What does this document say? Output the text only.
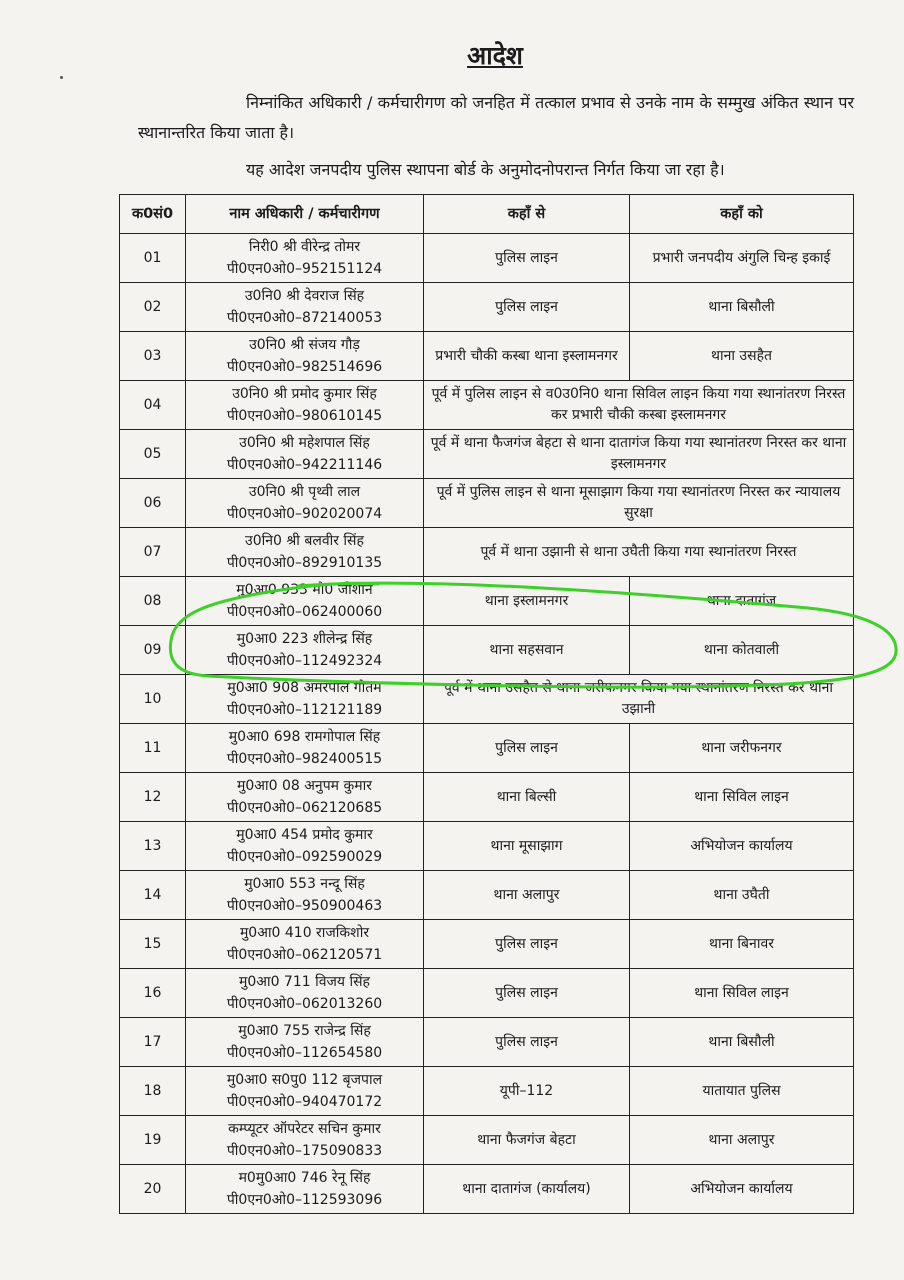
आदेश
निम्नांकित अधिकारी / कर्मचारीगण को जनहित में तत्काल प्रभाव से उनके नाम के सम्मुख अंकित स्थान पर स्थानान्तरित किया जाता है।
यह आदेश जनपदीय पुलिस स्थापना बोर्ड के अनुमोदनोपरान्त निर्गत किया जा रहा है।
क0सं0	नाम अधिकारी / कर्मचारीगण	कहाँ से	कहाँ को
01	निरी0 श्री वीरेन्द्र तोमर
पी0एन0ओ0–952151124	पुलिस लाइन	प्रभारी जनपदीय अंगुलि चिन्ह इकाई
02	उ0नि0 श्री देवराज सिंह
पी0एन0ओ0–872140053	पुलिस लाइन	थाना बिसौली
03	उ0नि0 श्री संजय गौड़
पी0एन0ओ0–982514696	प्रभारी चौकी कस्बा थाना इस्लामनगर	थाना उसहैत
04	उ0नि0 श्री प्रमोद कुमार सिंह
पी0एन0ओ0–980610145	पूर्व में पुलिस लाइन से व0उ0नि0 थाना सिविल लाइन किया गया स्थानांतरण निरस्त कर प्रभारी चौकी कस्बा इस्लामनगर	
05	उ0नि0 श्री महेशपाल सिंह
पी0एन0ओ0–942211146	पूर्व में थाना फैजगंज बेहटा से थाना दातागंज किया गया स्थानांतरण निरस्त कर थाना इस्लामनगर	
06	उ0नि0 श्री पृथ्वी लाल
पी0एन0ओ0–902020074	पूर्व में पुलिस लाइन से थाना मूसाझाग किया गया स्थानांतरण निरस्त कर न्यायालय सुरक्षा	
07	उ0नि0 श्री बलवीर सिंह
पी0एन0ओ0–892910135	पूर्व में थाना उझानी से थाना उघैती किया गया स्थानांतरण निरस्त	
08	मु0आ0 933 मौ0 जीशान
पी0एन0ओ0–062400060	थाना इस्लामनगर	थाना दातागंज
09	मु0आ0 223 शीलेन्द्र सिंह
पी0एन0ओ0–112492324	थाना सहसवान	थाना कोतवाली
10	मु0आ0 908 अमरपाल गौतम
पी0एन0ओ0–112121189	पूर्व में थाना उसहैत से थाना जरीफनगर किया गया स्थानांतरण निरस्त कर थाना उझानी	
11	मु0आ0 698 रामगोपाल सिंह
पी0एन0ओ0–982400515	पुलिस लाइन	थाना जरीफनगर
12	मु0आ0 08 अनुपम कुमार
पी0एन0ओ0–062120685	थाना बिल्सी	थाना सिविल लाइन
13	मु0आ0 454 प्रमोद कुमार
पी0एन0ओ0–092590029	थाना मूसाझाग	अभियोजन कार्यालय
14	मु0आ0 553 नन्दू सिंह
पी0एन0ओ0–950900463	थाना अलापुर	थाना उघैती
15	मु0आ0 410 राजकिशोर
पी0एन0ओ0–062120571	पुलिस लाइन	थाना बिनावर
16	मु0आ0 711 विजय सिंह
पी0एन0ओ0–062013260	पुलिस लाइन	थाना सिविल लाइन
17	मु0आ0 755 राजेन्द्र सिंह
पी0एन0ओ0–112654580	पुलिस लाइन	थाना बिसौली
18	मु0आ0 स0पु0 112 बृजपाल
पी0एन0ओ0–940470172	यूपी–112	यातायात पुलिस
19	कम्प्यूटर ऑपरेटर सचिन कुमार
पी0एन0ओ0–175090833	थाना फैजगंज बेहटा	थाना अलापुर
20	म0मु0आ0 746 रेनू सिंह
पी0एन0ओ0–112593096	थाना दातागंज (कार्यालय)	अभियोजन कार्यालय
